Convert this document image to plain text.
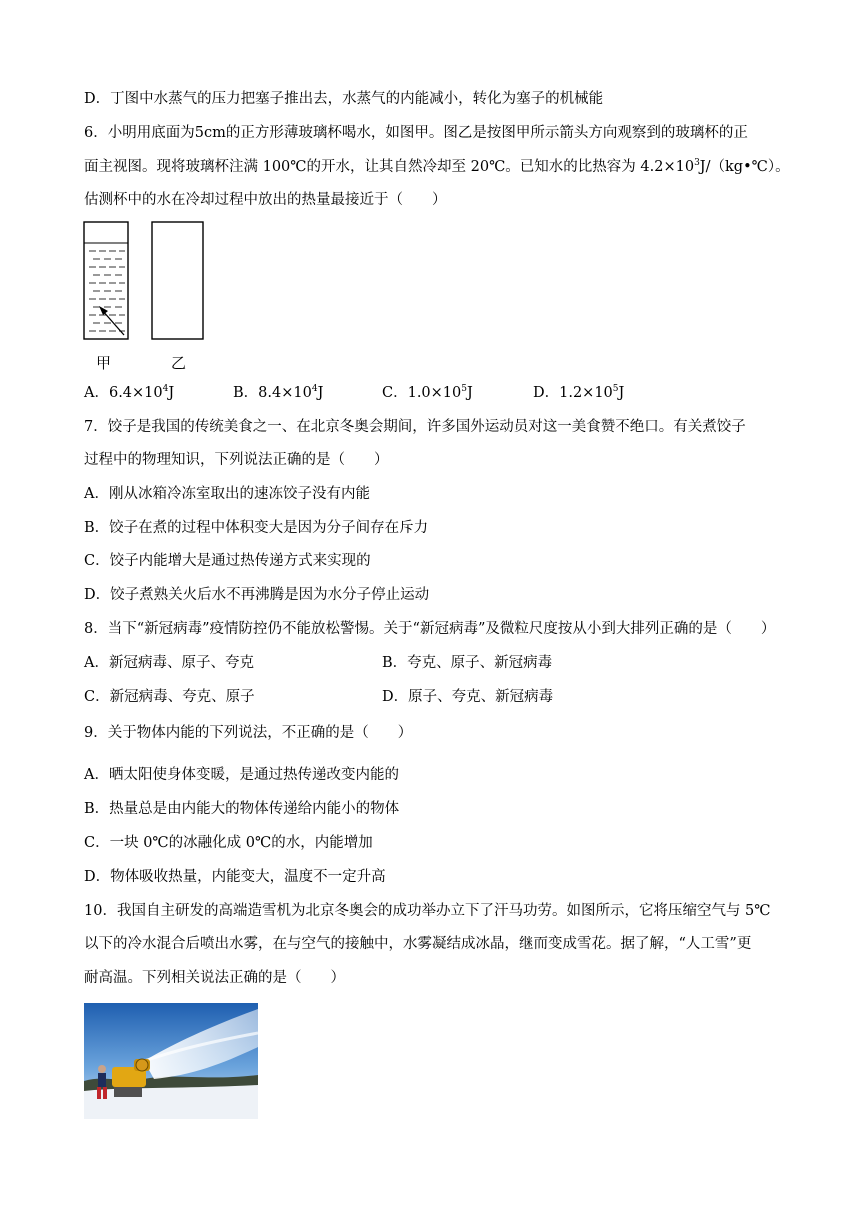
D．丁图中水蒸气的压力把塞子推出去，水蒸气的内能减小，转化为塞子的机械能
6．小明用底面为5cm的正方形薄玻璃杯喝水，如图甲。图乙是按图甲所示箭头方向观察到的玻璃杯的正
面主视图。现将玻璃杯注满 100℃的开水，让其自然冷却至 20℃。已知水的比热容为 $4.2\times 10^3J/(kg•℃)$。
估测杯中的水在冷却过程中放出的热量最接近于（　　）
甲	乙
A．$6.4\times 10^4J$	B．$8.4\times 10^4J$	C．$1.0\times 10^5J$	D．$1.2\times 10^5J$
7．饺子是我国的传统美食之一、在北京冬奥会期间，许多国外运动员对这一美食赞不绝口。有关煮饺子
过程中的物理知识，下列说法正确的是（　　）
A．刚从冰箱冷冻室取出的速冻饺子没有内能
B．饺子在煮的过程中体积变大是因为分子间存在斥力
C．饺子内能增大是通过热传递方式来实现的
D．饺子煮熟关火后水不再沸腾是因为水分子停止运动
8．当下“新冠病毒”疫情防控仍不能放松警惕。关于“新冠病毒”及微粒尺度按从小到大排列正确的是（　　）
A．新冠病毒、原子、夸克	B．夸克、原子、新冠病毒
C．新冠病毒、夸克、原子	D．原子、夸克、新冠病毒
9．关于物体内能的下列说法，不正确的是（　　）
A．晒太阳使身体变暖，是通过热传递改变内能的
B．热量总是由内能大的物体传递给内能小的物体
C．一块 0℃的冰融化成 0℃的水，内能增加
D．物体吸收热量，内能变大，温度不一定升高
10．我国自主研发的高端造雪机为北京冬奥会的成功举办立下了汗马功劳。如图所示，它将压缩空气与 5℃
以下的冷水混合后喷出水雾，在与空气的接触中，水雾凝结成冰晶，继而变成雪花。据了解，“人工雪”更
耐高温。下列相关说法正确的是（　　）
